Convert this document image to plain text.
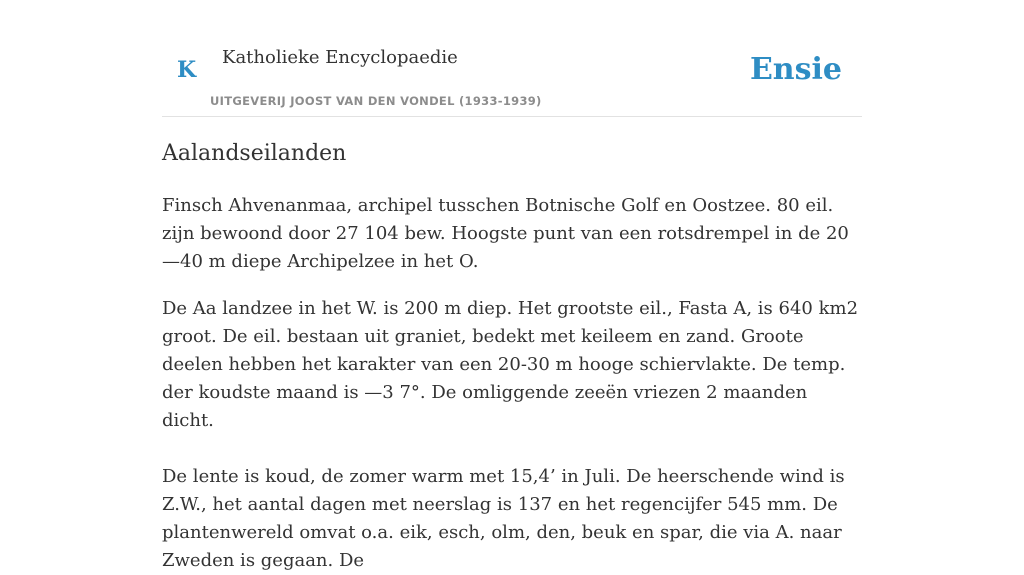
K Katholieke Encyclopaedie
UITGEVERIJ JOOST VAN DEN VONDEL (1933-1939)
Ensie
Aalandseilanden

Finsch Ahvenanmaa, archipel tusschen Botnische Golf en Oostzee. 80 eil. zijn bewoond door 27 104 bew. Hoogste punt van een rotsdrempel in de 20—40 m diepe Archipelzee in het O.

De Aa landzee in het W. is 200 m diep. Het grootste eil., Fasta A, is 640 km2 groot. De eil. bestaan uit graniet, bedekt met keileem en zand. Groote deelen hebben het karakter van een 20-30 m hooge schiervlakte. De temp. der koudste maand is —3 7°. De omliggende zeeën vriezen 2 maanden dicht.

De lente is koud, de zomer warm met 15,4’ in Juli. De heerschende wind is Z.W., het aantal dagen met neerslag is 137 en het regencijfer 545 mm. De plantenwereld omvat o.a. eik, esch, olm, den, beuk en spar, die via A. naar Zweden is gegaan. De
